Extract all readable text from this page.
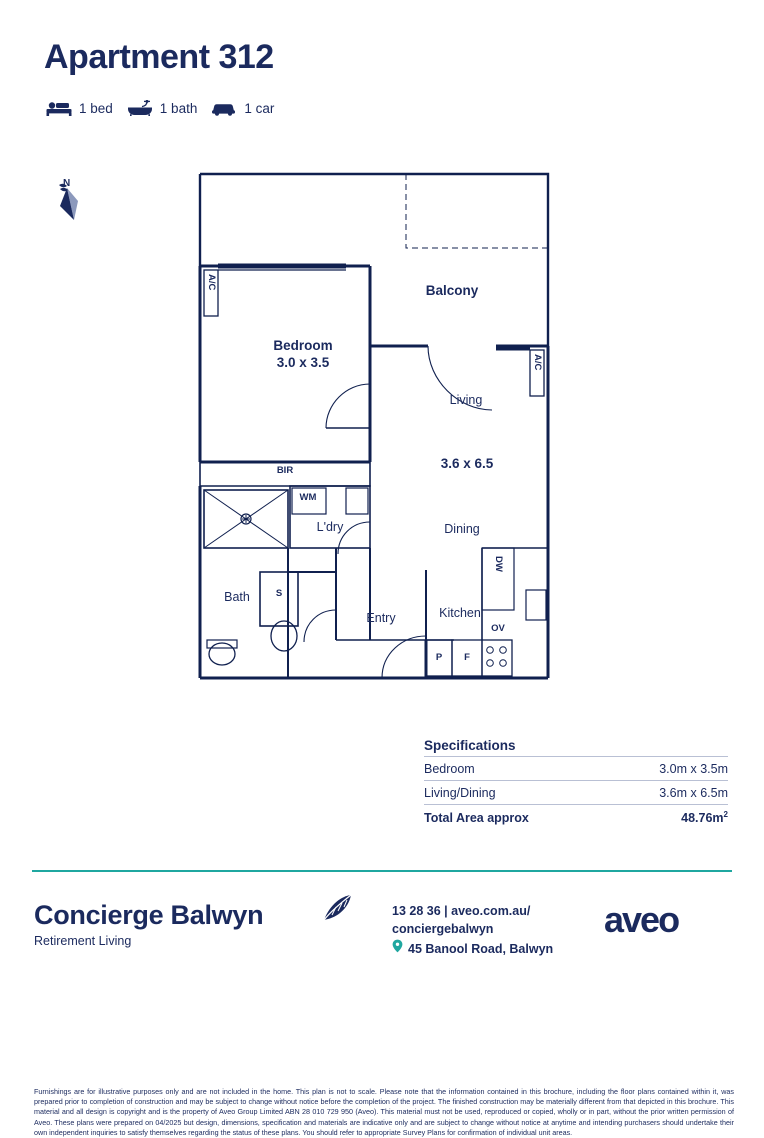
Apartment 312
1 bed	1 bath	1 car
N
Bedroom
3.0 x 3.5
Balcony
Living
3.6 x 6.5
Dining
Kitchen
Bath
L'dry
Entry
A/C
A/C
BIR
WM
S
DW
OV
P	F
Specifications
Bedroom	3.0m x 3.5m
Living/Dining	3.6m x 6.5m
Total Area approx	$48.76m^2$
Concierge Balwyn
Retirement Living
13 28 36 | aveo.com.au/
conciergebalwyn
45 Banool Road, Balwyn
aveo
Furnishings are for illustrative purposes only and are not included in the home. This plan is not to scale. Please note that the information contained in this brochure, including the floor plans contained within it, was prepared prior to completion of construction and may be subject to change without notice before the completion of the project. The finished construction may be materially different from that depicted in this brochure. This material and all design is copyright and is the property of Aveo Group Limited ABN 28 010 729 950 (Aveo). This material must not be used, reproduced or copied, wholly or in part, without the prior written permission of Aveo. These plans were prepared on 04/2025 but design, dimensions, specification and materials are indicative only and are subject to change without notice at anytime and intending purchasers should undertake their own independent inquiries to satisfy themselves regarding the status of these plans. You should refer to appropriate Survey Plans for confirmation of individual unit areas.
